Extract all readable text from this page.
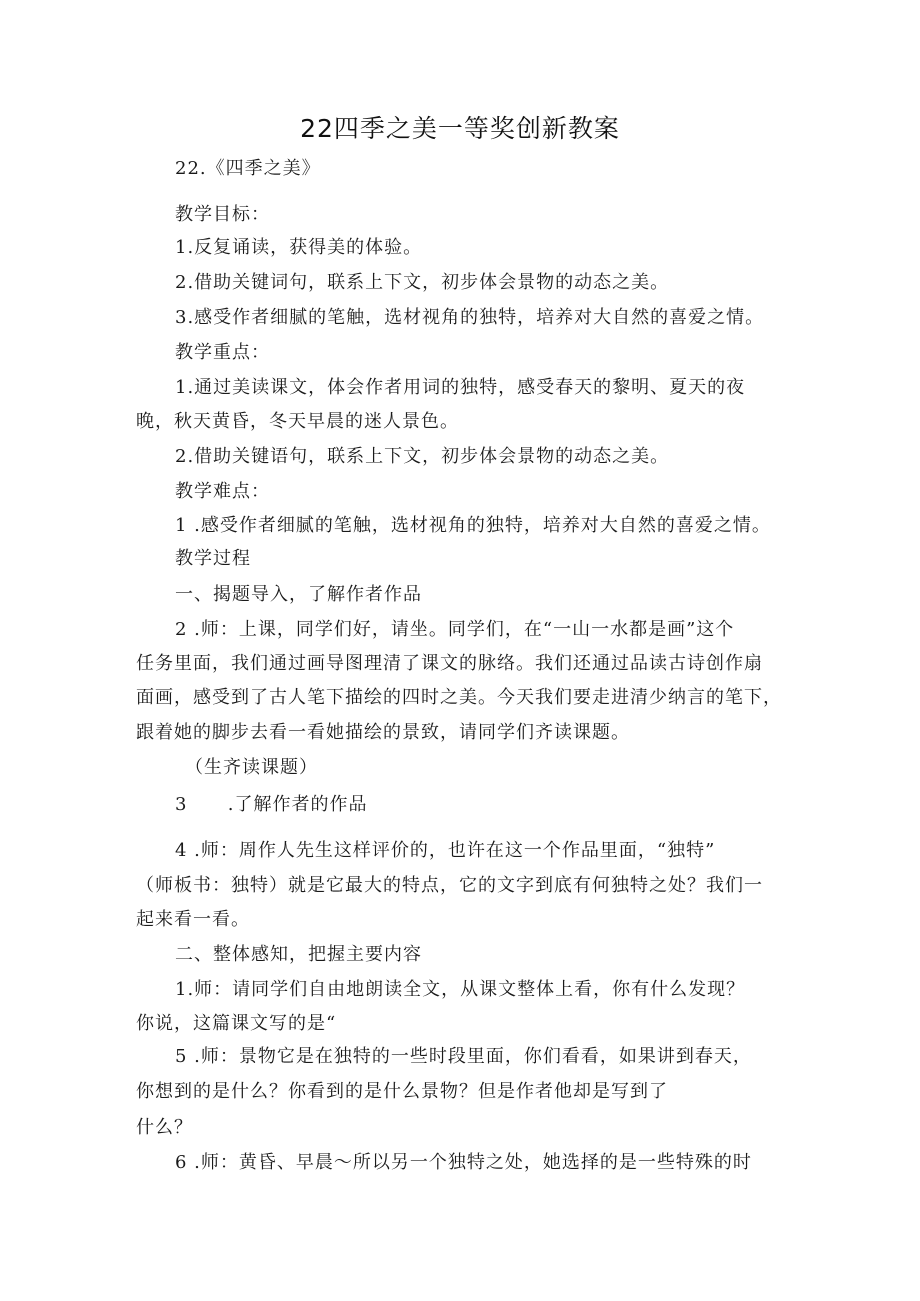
22四季之美一等奖创新教案
22.《四季之美》
教学目标：
1.反复诵读，获得美的体验。
2.借助关键词句，联系上下文，初步体会景物的动态之美。
3.感受作者细腻的笔触，选材视角的独特，培养对大自然的喜爱之情。
教学重点：
1.通过美读课文，体会作者用词的独特，感受春天的黎明、夏天的夜
晚，秋天黄昏，冬天早晨的迷人景色。
2.借助关键语句，联系上下文，初步体会景物的动态之美。
教学难点：
1 .感受作者细腻的笔触，选材视角的独特，培养对大自然的喜爱之情。
教学过程
一、揭题导入，了解作者作品
2 .师：上课，同学们好，请坐。同学们，在“一山一水都是画”这个
任务里面，我们通过画导图理清了课文的脉络。我们还通过品读古诗创作扇
面画，感受到了古人笔下描绘的四时之美。今天我们要走进清少纳言的笔下，
跟着她的脚步去看一看她描绘的景致，请同学们齐读课题。
（生齐读课题）
3      .了解作者的作品
4 .师：周作人先生这样评价的，也许在这一个作品里面，“独特”
（师板书：独特）就是它最大的特点，它的文字到底有何独特之处？我们一
起来看一看。
二、整体感知，把握主要内容
1.师：请同学们自由地朗读全文，从课文整体上看，你有什么发现？
你说，这篇课文写的是“
5 .师：景物它是在独特的一些时段里面，你们看看，如果讲到春天，
你想到的是什么？你看到的是什么景物？但是作者他却是写到了
什么？
6 .师：黄昏、早晨〜所以另一个独特之处，她选择的是一些特殊的时
